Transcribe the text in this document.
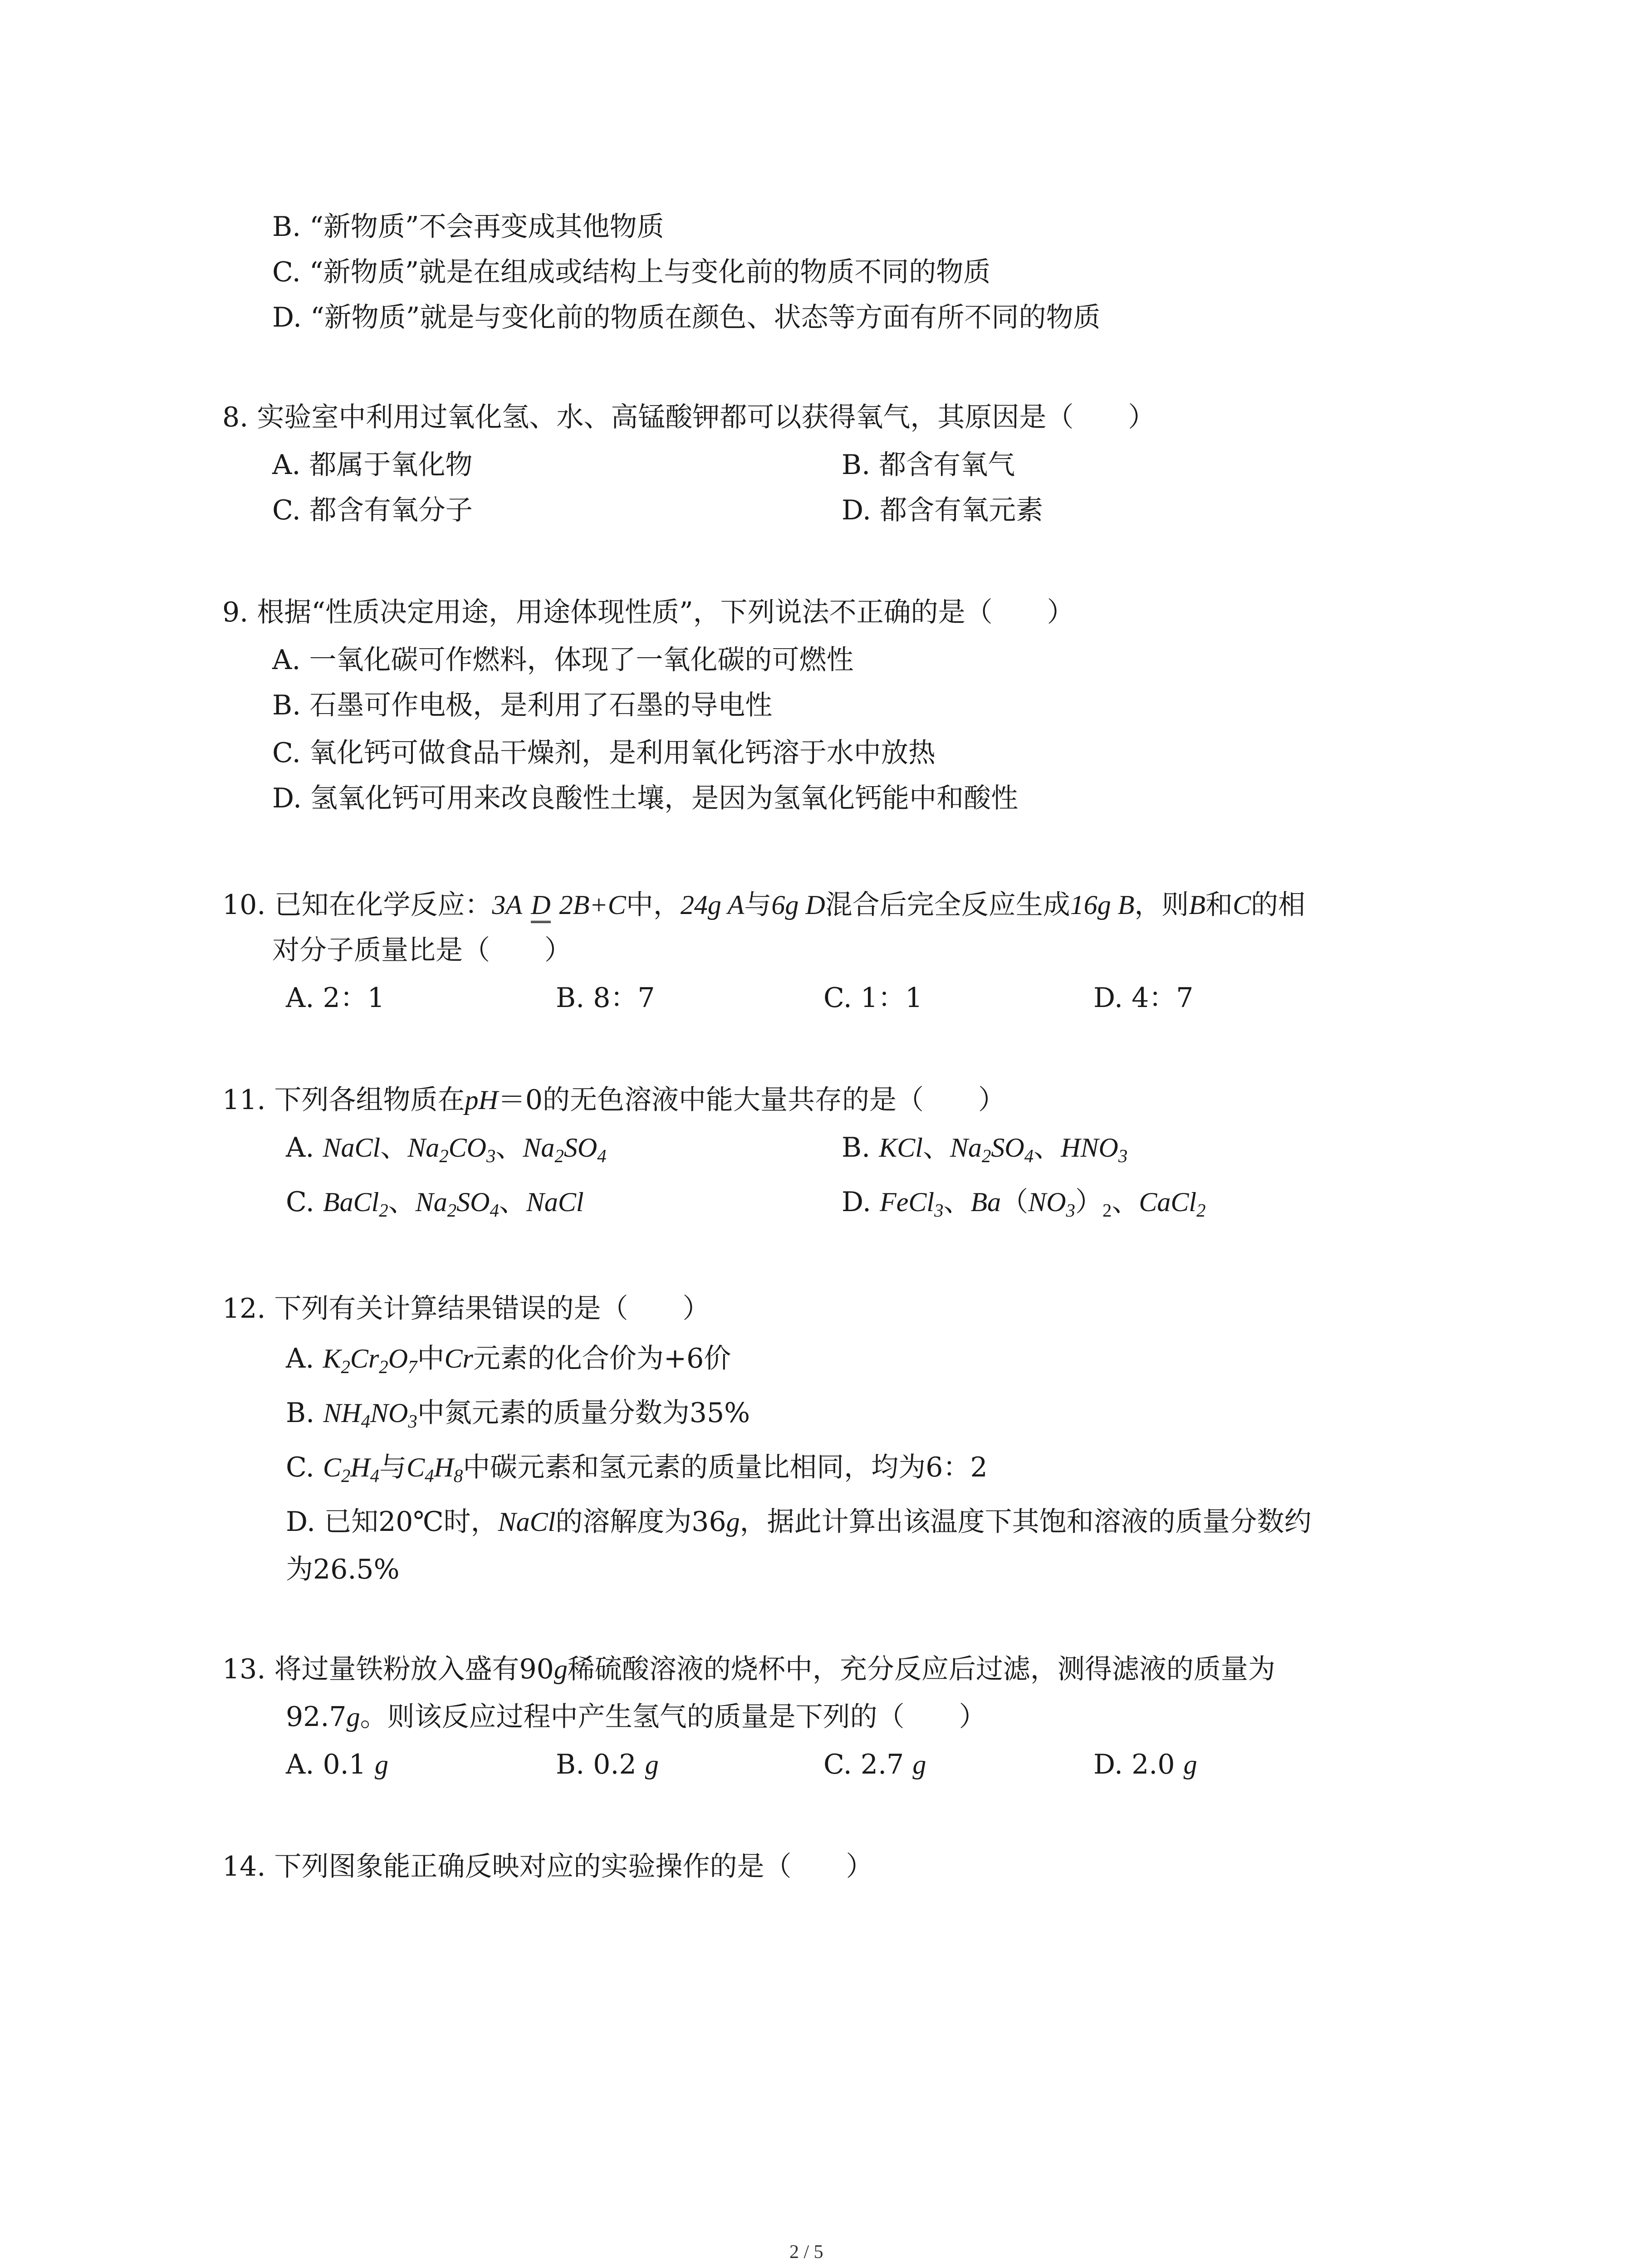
B. “新物质”不会再变成其他物质
C. “新物质”就是在组成或结构上与变化前的物质不同的物质
D. “新物质”就是与变化前的物质在颜色、状态等方面有所不同的物质
8. 实验室中利用过氧化氢、水、高锰酸钾都可以获得氧气，其原因是（　　）
A. 都属于氧化物	B. 都含有氧气
C. 都含有氧分子	D. 都含有氧元素
9. 根据“性质决定用途，用途体现性质”，下列说法不正确的是（　　）
A. 一氧化碳可作燃料，体现了一氧化碳的可燃性
B. 石墨可作电极，是利用了石墨的导电性
C. 氧化钙可做食品干燥剂，是利用氧化钙溶于水中放热
D. 氢氧化钙可用来改良酸性土壤，是因为氢氧化钙能中和酸性
10. 已知在化学反应：3A D 2B+C中，24g A与6g D混合后完全反应生成16g B，则B和C的相
对分子质量比是（　　）
A. 2：1	B. 8：7	C. 1：1	D. 4：7
11. 下列各组物质在pH＝0的无色溶液中能大量共存的是（　　）
A. NaCl、$Na_2CO_3$、$Na_2SO_4$	B. KCl、$Na_2SO_4$、$HNO_3$
C. BaCl$_2$、$Na_2SO_4$、NaCl	D. FeCl$_3$、$Ba(NO_3)_2$、CaCl$_2$
12. 下列有关计算结果错误的是（　　）
A. $K_2Cr_2O_7$中Cr元素的化合价为+6价
B. $NH_4NO_3$中氮元素的质量分数为35%
C. $C_2H_4$与$C_4H_8$中碳元素和氢元素的质量比相同，均为6：2
D. 已知20℃时，NaCl的溶解度为36g，据此计算出该温度下其饱和溶液的质量分数约
为26.5%
13. 将过量铁粉放入盛有90g稀硫酸溶液的烧杯中，充分反应后过滤，测得滤液的质量为
92.7g。则该反应过程中产生氢气的质量是下列的（　　）
A. 0.1 g	B. 0.2 g	C. 2.7 g	D. 2.0 g
14. 下列图象能正确反映对应的实验操作的是（　　）
2 / 5
